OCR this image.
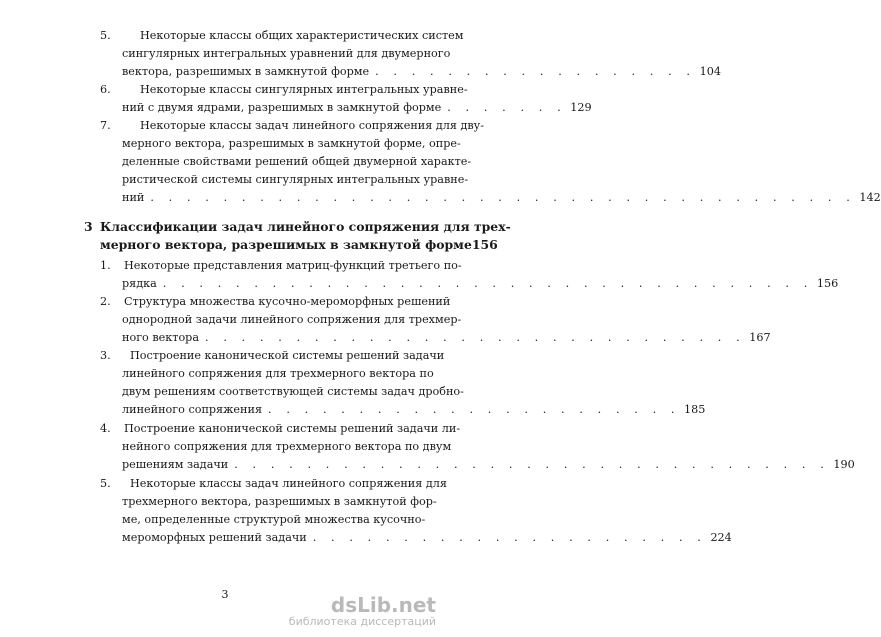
5.	Некоторые классы общих характеристических систем
сингулярных интегральных уравнений для двумерного
вектора, разрешимых в замкнутой форме . . . . . . . . . . . . . . . . . . 104
6.	Некоторые классы сингулярных интегральных уравне-
ний с двумя ядрами, разрешимых в замкнутой форме . . . . . . . 129
7.	Некоторые классы задач линейного сопряжения для дву-
мерного вектора, разрешимых в замкнутой форме, опре-
деленные свойствами решений общей двумерной характе-
ристической системы сингулярных интегральных уравне-
ний . . . . . . . . . . . . . . . . . . . . . . . . . . . . . . . . . . . . . . . 142
3 Классификации задач линейного сопряжения для трех-
мерного вектора, разрешимых в замкнутой форме 156
1.	Некоторые представления матриц-функций третьего по-
рядка . . . . . . . . . . . . . . . . . . . . . . . . . . . . . . . . . . . . 156
2.	Структура множества кусочно-мероморфных решений
однородной задачи линейного сопряжения для трехмер-
ного вектора . . . . . . . . . . . . . . . . . . . . . . . . . . . . . . 167
3.	Построение канонической системы решений задачи
линейного сопряжения для трехмерного вектора по
двум решениям соответствующей системы задач дробно-
линейного сопряжения . . . . . . . . . . . . . . . . . . . . . . . 185
4.	Построение канонической системы решений задачи ли-
нейного сопряжения для трехмерного вектора по двум
решениям задачи . . . . . . . . . . . . . . . . . . . . . . . . . . . . . . . . . 190
5.	Некоторые классы задач линейного сопряжения для
трехмерного вектора, разрешимых в замкнутой фор-
ме, определенные структурой множества кусочно-
мероморфных решений задачи . . . . . . . . . . . . . . . . . . . . . . 224
3	dsLib.net
библиотека диссертаций
